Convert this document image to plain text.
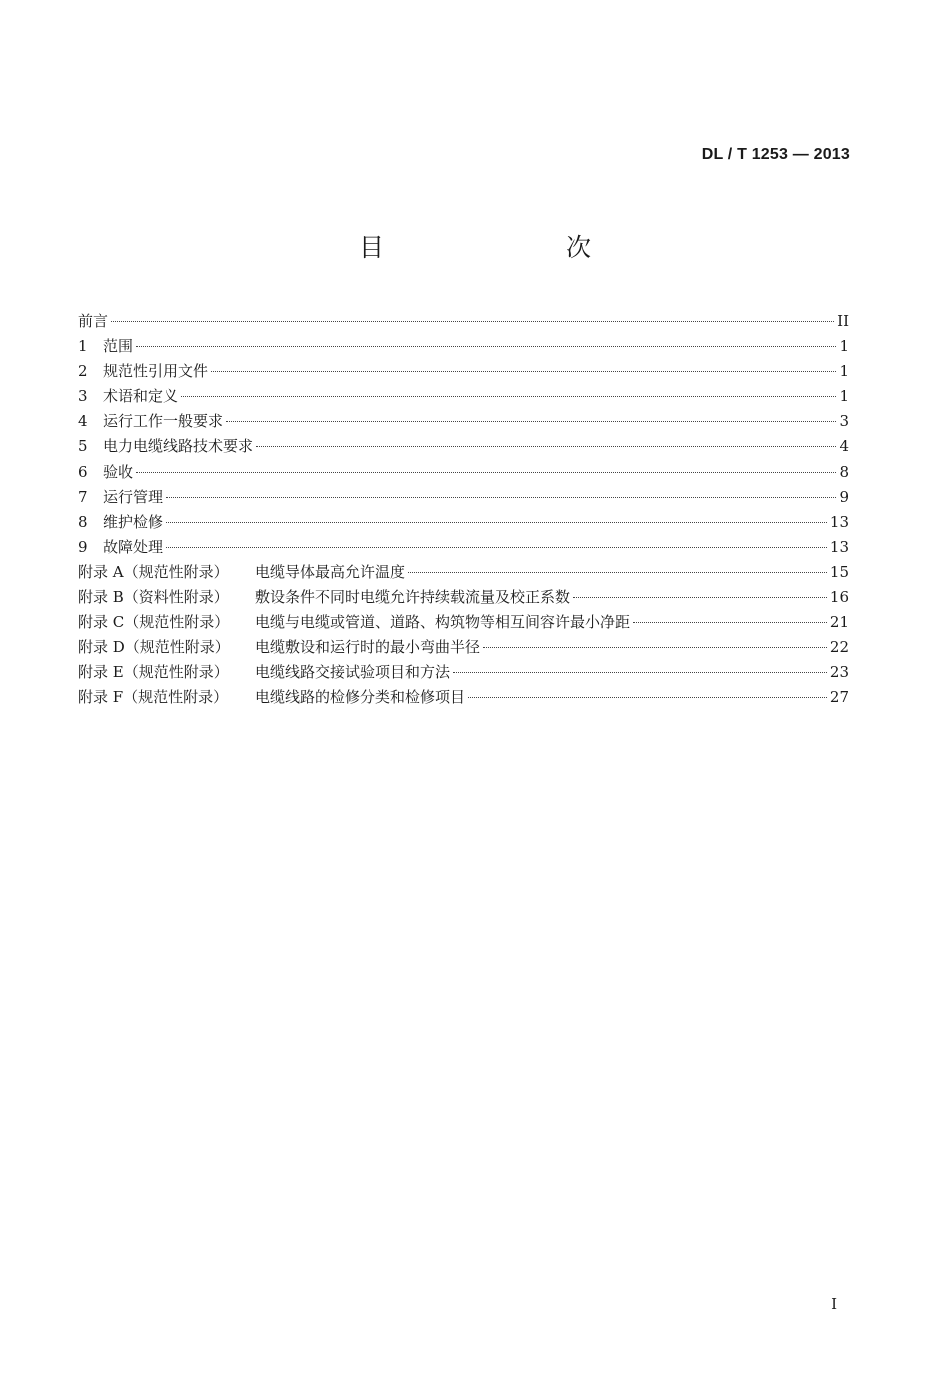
DL / T 1253 — 2013
目　　次
前言	II
1	范围	1
2	规范性引用文件	1
3	术语和定义	1
4	运行工作一般要求	3
5	电力电缆线路技术要求	4
6	验收	8
7	运行管理	9
8	维护检修	13
9	故障处理	13
附录 A（规范性附录）	电缆导体最高允许温度	15
附录 B（资料性附录）	敷设条件不同时电缆允许持续载流量及校正系数	16
附录 C（规范性附录）	电缆与电缆或管道、道路、构筑物等相互间容许最小净距	21
附录 D（规范性附录）	电缆敷设和运行时的最小弯曲半径	22
附录 E（规范性附录）	电缆线路交接试验项目和方法	23
附录 F（规范性附录）	电缆线路的检修分类和检修项目	27
I
